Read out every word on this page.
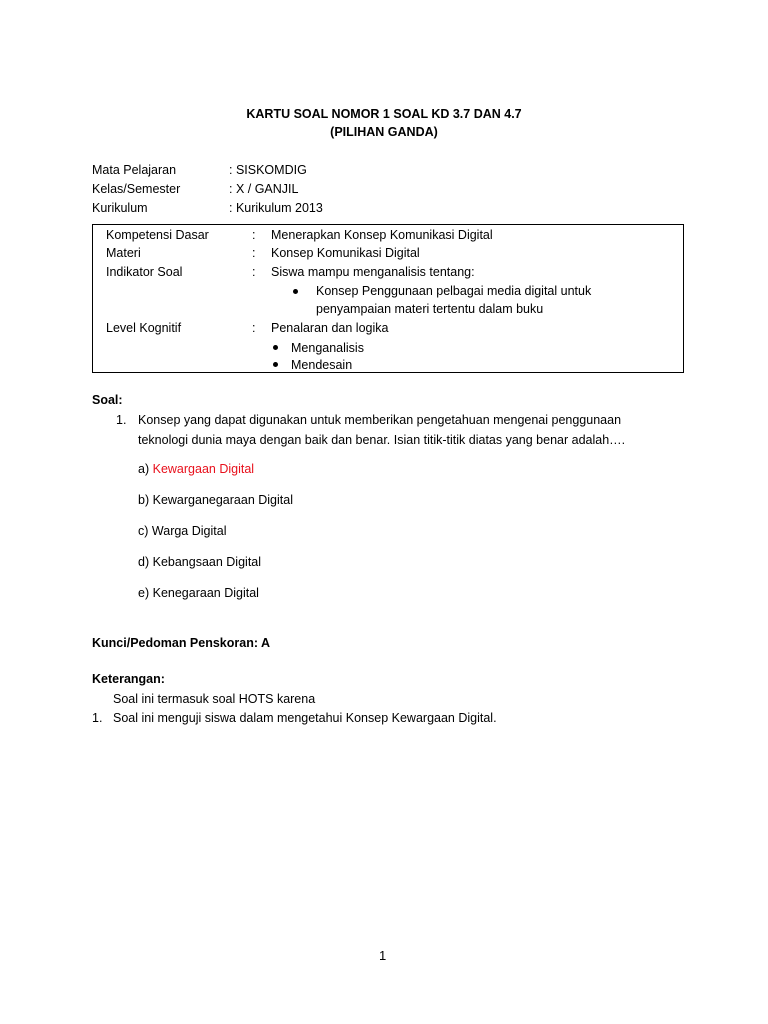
KARTU SOAL NOMOR 1 SOAL KD 3.7 DAN 4.7
(PILIHAN GANDA)
Mata Pelajaran	: SISKOMDIG
Kelas/Semester	: X / GANJIL
Kurikulum	: Kurikulum 2013
Kompetensi Dasar	: Menerapkan Konsep Komunikasi Digital
Materi	: Konsep Komunikasi Digital
Indikator Soal	: Siswa mampu menganalisis tentang:
Konsep Penggunaan pelbagai media digital untuk
penyampaian materi tertentu dalam buku
Level Kognitif	: Penalaran dan logika
Menganalisis
Mendesain
Soal:
1. Konsep yang dapat digunakan untuk memberikan pengetahuan mengenai penggunaan
teknologi dunia maya dengan baik dan benar. Isian titik-titik diatas yang benar adalah….
a) Kewargaan Digital
b) Kewarganegaraan Digital
c) Warga Digital
d) Kebangsaan Digital
e) Kenegaraan Digital
Kunci/Pedoman Penskoran: A
Keterangan:
Soal ini termasuk soal HOTS karena
1. Soal ini menguji siswa dalam mengetahui Konsep Kewargaan Digital.
1
